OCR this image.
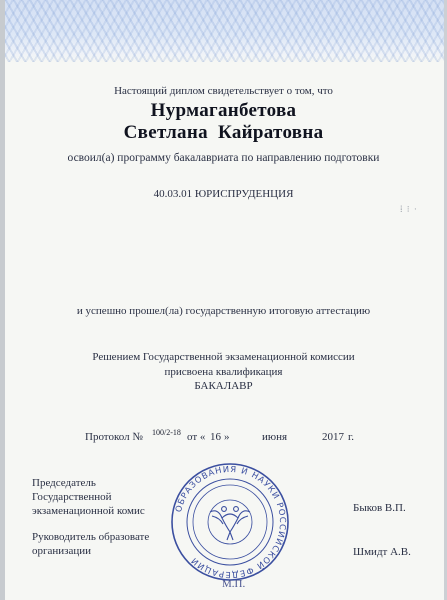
Настоящий диплом свидетельствует о том, что
Нурмаганбетова
Светлана  Кайратовна
освоил(а) программу бакалавриата по направлению подготовки
40.03.01 ЮРИСПРУДЕНЦИЯ
⁞ ⁝ ·
и успешно прошел(ла) государственную итоговую аттестацию
Решением Государственной экзаменационной комиссии
присвоена квалификация
БАКАЛАВР
Протокол № 100/2-18 от « 16 »	июня	2017 г.
ОБРАЗОВАНИЯ И НАУКИ РОССИЙСКОЙ ФЕДЕРАЦИИ
Председатель
Государственной
экзаменационной комис	Быков В.П.
Руководитель образовате
организации	Шмидт А.В.
М.П.
